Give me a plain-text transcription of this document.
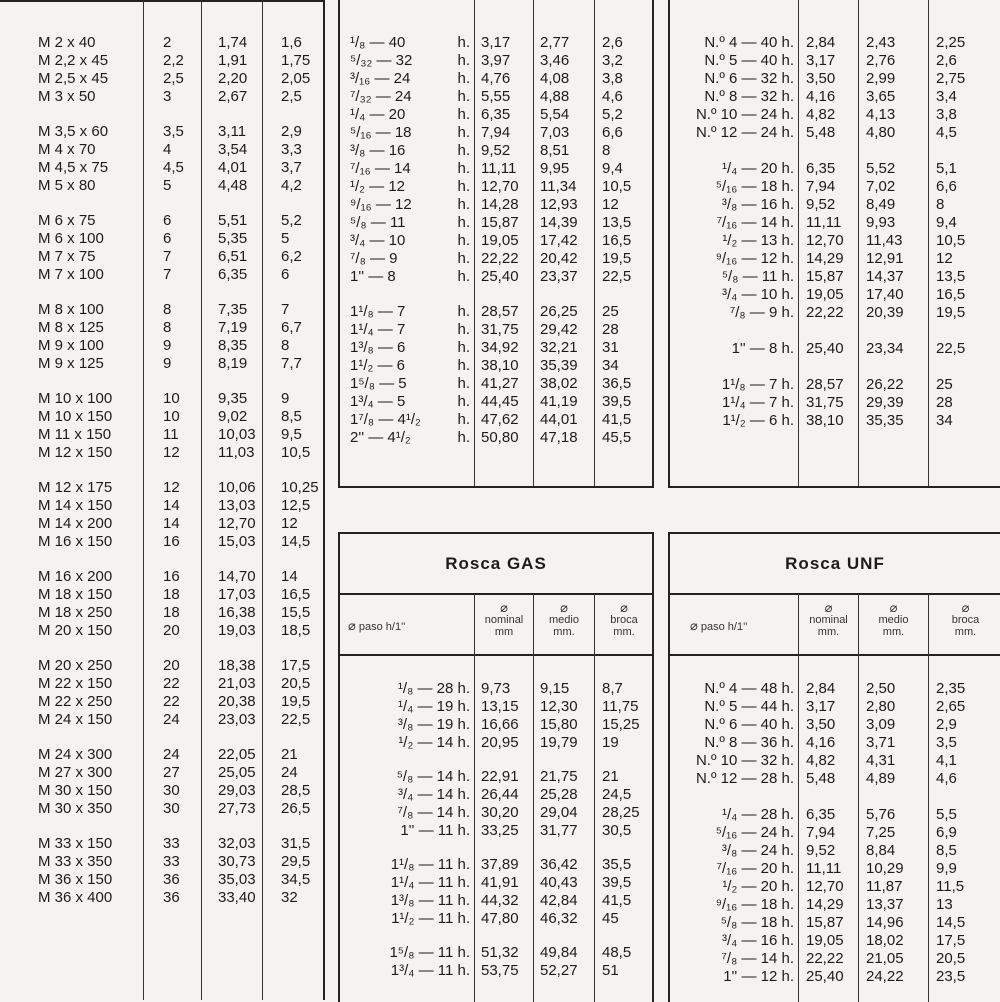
M 2 x 40	2	1,74 1,6
M 2,2 x 45	2,2 1,91 1,75
M 2,5 x 45	2,5 2,20 2,05
M 3 x 50	3	2,67 2,5
M 3,5 x 60	3,5 3,11 2,9
M 4 x 70	4	3,54 3,3
M 4,5 x 75	4,5 4,01 3,7
M 5 x 80	5	4,48 4,2
M 6 x 75	6	5,51 5,2
M 6 x 100	6	5,35 5
M 7 x 75	7	6,51 6,2
M 7 x 100	7	6,35 6
M 8 x 100	8	7,35 7
M 8 x 125	8	7,19 6,7
M 9 x 100	9	8,35 8
M 9 x 125	9	8,19 7,7
M 10 x 100	10	9,35 9
M 10 x 150	10	9,02 8,5
M 11 x 150	11	10,03 9,5
M 12 x 150	12	11,03 10,5
M 12 x 175	12	10,06 10,25
M 14 x 150	14	13,03 12,5
M 14 x 200	14	12,70 12
M 16 x 150	16	15,03 14,5
M 16 x 200	16	14,70 14
M 18 x 150	18	17,03 16,5
M 18 x 250	18	16,38 15,5
M 20 x 150	20	19,03 18,5
M 20 x 250	20	18,38 17,5
M 22 x 150	22	21,03 20,5
M 22 x 250	22	20,38 19,5
M 24 x 150	24	23,03 22,5
M 24 x 300	24	22,05 21
M 27 x 300	27	25,05 24
M 30 x 150	30	29,03 28,5
M 30 x 350	30	27,73 26,5
M 33 x 150	33	32,03 31,5
M 33 x 350	33	30,73 29,5
M 36 x 150	36	35,03 34,5
M 36 x 400	36	33,40 32
¹/₈ — 40	h. 3,17 2,77 2,6
⁵/₃₂ — 32	h. 3,97 3,46 3,2
³/₁₆ — 24	h. 4,76 4,08 3,8
⁷/₃₂ — 24	h. 5,55 4,88 4,6
¹/₄ — 20	h. 6,35 5,54 5,2
⁵/₁₆ — 18	h. 7,94 7,03 6,6
³/₈ — 16	h. 9,52 8,51 8
⁷/₁₆ — 14	h. 11,11 9,95 9,4
¹/₂ — 12	h. 12,70 11,34 10,5
⁹/₁₆ — 12	h. 14,28 12,93 12
⁵/₈ — 11	h. 15,87 14,39 13,5
³/₄ — 10	h. 19,05 17,42 16,5
⁷/₈ — 9	h. 22,22 20,42 19,5
1'' — 8	h. 25,40 23,37 22,5
1¹/₈ — 7	h. 28,57 26,25 25
1¹/₄ — 7	h. 31,75 29,42 28
1³/₈ — 6	h. 34,92 32,21 31
1¹/₂ — 6	h. 38,10 35,39 34
1⁵/₈ — 5	h. 41,27 38,02 36,5
1³/₄ — 5	h. 44,45 41,19 39,5
1⁷/₈ — 4¹/₂	h. 47,62 44,01 41,5
2'' — 4¹/₂	h. 50,80 47,18 45,5
N.º 4 — 40 h. 2,84 2,43	2,25
N.º 5 — 40 h. 3,17 2,76	2,6
N.º 6 — 32 h. 3,50 2,99	2,75
N.º 8 — 32 h. 4,16 3,65	3,4
N.º 10 — 24 h. 4,82 4,13	3,8
N.º 12 — 24 h. 5,48 4,80	4,5
¹/₄ — 20 h. 6,35 5,52	5,1
⁵/₁₆ — 18 h. 7,94 7,02	6,6
³/₈ — 16 h. 9,52 8,49	8
⁷/₁₆ — 14 h. 11,11 9,93	9,4
¹/₂ — 13 h. 12,70 11,43 10,5
⁹/₁₆ — 12 h. 14,29 12,91 12
⁵/₈ — 11 h. 15,87 14,37 13,5
³/₄ — 10 h. 19,05 17,40 16,5
⁷/₈ — 9 h. 22,22 20,39 19,5
1'' — 8 h. 25,40 23,34 22,5
1¹/₈ — 7 h. 28,57 26,22 25
1¹/₄ — 7 h. 31,75 29,39 28
1¹/₂ — 6 h. 38,10 35,35 34
Rosca GAS
⌀ paso h/1''
⌀
nominal
mm
⌀
medio
mm.
⌀
broca
mm.
¹/₈ — 28 h. 9,73 9,15 8,7
¹/₄ — 19 h. 13,15 12,30 11,75
³/₈ — 19 h. 16,66 15,80 15,25
¹/₂ — 14 h. 20,95 19,79 19
⁵/₈ — 14 h. 22,91 21,75 21
³/₄ — 14 h. 26,44 25,28 24,5
⁷/₈ — 14 h. 30,20 29,04 28,25
1'' — 11 h. 33,25 31,77 30,5
1¹/₈ — 11 h. 37,89 36,42 35,5
1¹/₄ — 11 h. 41,91 40,43 39,5
1³/₈ — 11 h. 44,32 42,84 41,5
1¹/₂ — 11 h. 47,80 46,32 45
1⁵/₈ — 11 h. 51,32 49,84 48,5
1³/₄ — 11 h. 53,75 52,27 51
Rosca UNF
⌀ paso h/1''
⌀
nominal
mm.
⌀
medio
mm.
⌀
broca
mm.
N.º 4 — 48 h. 2,84 2,50	2,35
N.º 5 — 44 h. 3,17 2,80	2,65
N.º 6 — 40 h. 3,50 3,09	2,9
N.º 8 — 36 h. 4,16 3,71	3,5
N.º 10 — 32 h. 4,82 4,31	4,1
N.º 12 — 28 h. 5,48 4,89	4,6
¹/₄ — 28 h. 6,35 5,76	5,5
⁵/₁₆ — 24 h. 7,94 7,25	6,9
³/₈ — 24 h. 9,52 8,84	8,5
⁷/₁₆ — 20 h. 11,11 10,29 9,9
¹/₂ — 20 h. 12,70 11,87 11,5
⁹/₁₆ — 18 h. 14,29 13,37 13
⁵/₈ — 18 h. 15,87 14,96 14,5
³/₄ — 16 h. 19,05 18,02 17,5
⁷/₈ — 14 h. 22,22 21,05 20,5
1'' — 12 h. 25,40 24,22 23,5
